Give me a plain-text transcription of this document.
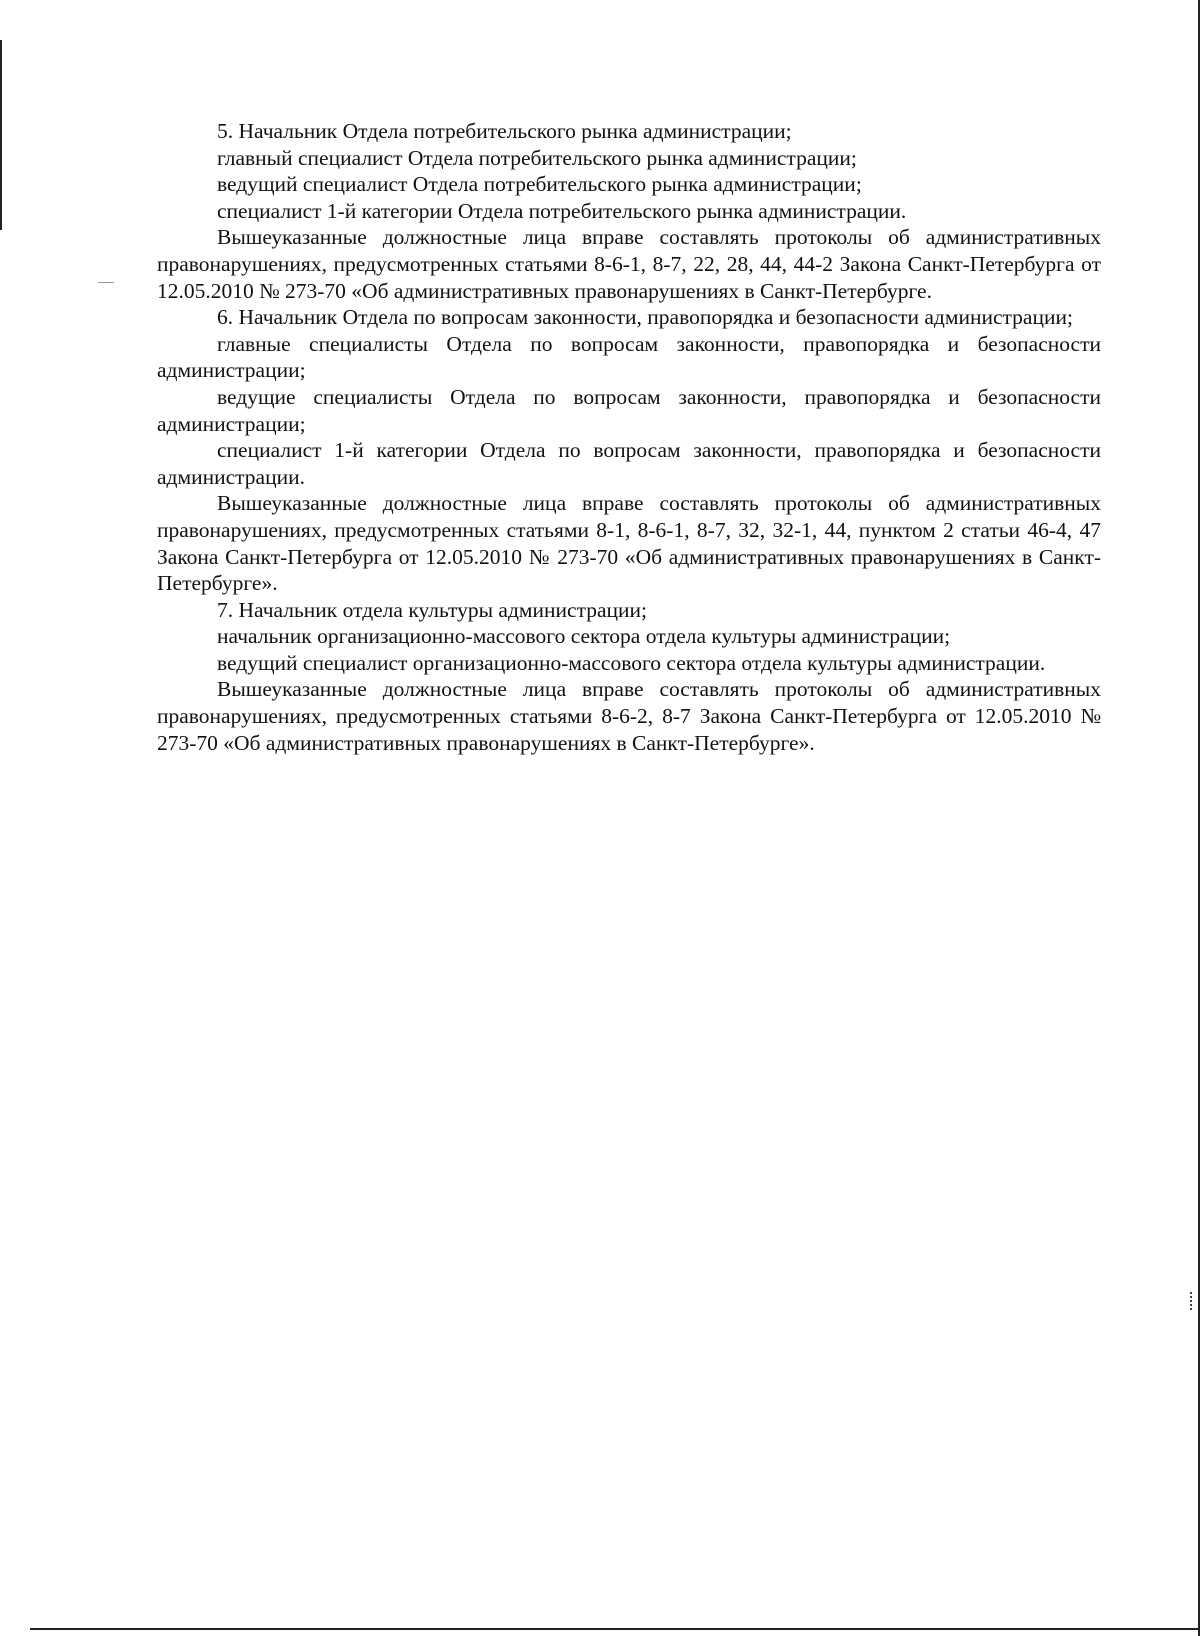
5. Начальник Отдела потребительского рынка администрации;

главный специалист Отдела потребительского рынка администрации;

ведущий специалист Отдела потребительского рынка администрации;

специалист 1-й категории Отдела потребительского рынка администрации.

Вышеуказанные должностные лица вправе составлять протоколы об административных правонарушениях, предусмотренных статьями 8-6-1, 8-7, 22, 28, 44, 44-2 Закона Санкт-Петербурга от 12.05.2010 № 273-70 «Об административных правонарушениях в Санкт-Петербурге.

6. Начальник Отдела по вопросам законности, правопорядка и безопасности администрации;

главные специалисты Отдела по вопросам законности, правопорядка и безопасности администрации;

ведущие специалисты Отдела по вопросам законности, правопорядка и безопасности администрации;

специалист 1-й категории Отдела по вопросам законности, правопорядка и безопасности администрации.

Вышеуказанные должностные лица вправе составлять протоколы об административных правонарушениях, предусмотренных статьями 8-1, 8-6-1, 8-7, 32, 32-1, 44, пунктом 2 статьи 46-4, 47 Закона Санкт-Петербурга от 12.05.2010 № 273-70 «Об административных правонарушениях в Санкт-Петербурге».

7. Начальник отдела культуры администрации;

начальник организационно-массового сектора отдела культуры администрации;

ведущий специалист организационно-массового сектора отдела культуры администрации.

Вышеуказанные должностные лица вправе составлять протоколы об административных правонарушениях, предусмотренных статьями 8-6-2, 8-7 Закона Санкт-Петербурга от 12.05.2010 № 273-70 «Об административных правонарушениях в Санкт-Петербурге».
